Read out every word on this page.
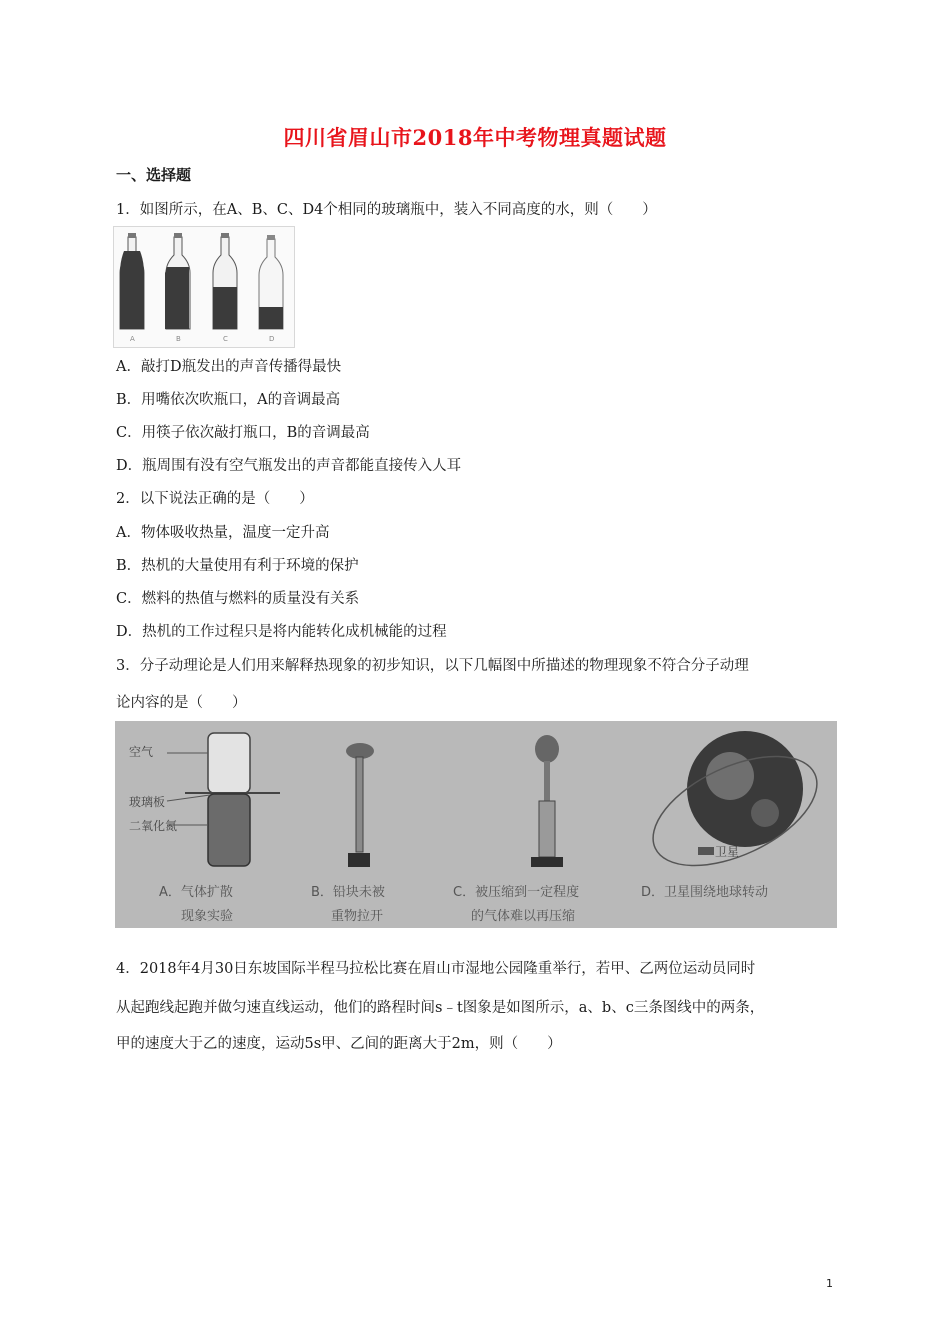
四川省眉山市2018年中考物理真题试题
一、选择题
1．如图所示，在A、B、C、D4个相同的玻璃瓶中，装入不同高度的水，则（　　）
A	B	C	D
A．敲打D瓶发出的声音传播得最快
B．用嘴依次吹瓶口，A的音调最高
C．用筷子依次敲打瓶口，B的音调最高
D．瓶周围有没有空气瓶发出的声音都能直接传入人耳
2．以下说法正确的是（　　）
A．物体吸收热量，温度一定升高
B．热机的大量使用有利于环境的保护
C．燃料的热值与燃料的质量没有关系
D．热机的工作过程只是将内能转化成机械能的过程
3．分子动理论是人们用来解释热现象的初步知识，以下几幅图中所描述的物理现象不符合分子动理
论内容的是（　　）
空气
玻璃板
二氧化氮
卫星
A．气体扩散
现象实验
B．铅块未被
重物拉开
C．被压缩到一定程度
的气体难以再压缩
D．卫星围绕地球转动
4．2018年4月30日东坡国际半程马拉松比赛在眉山市湿地公园隆重举行，若甲、乙两位运动员同时
从起跑线起跑并做匀速直线运动，他们的路程时间s﹣t图象是如图所示，a、b、c三条图线中的两条，
甲的速度大于乙的速度，运动5s甲、乙间的距离大于2m，则（　　）
1
